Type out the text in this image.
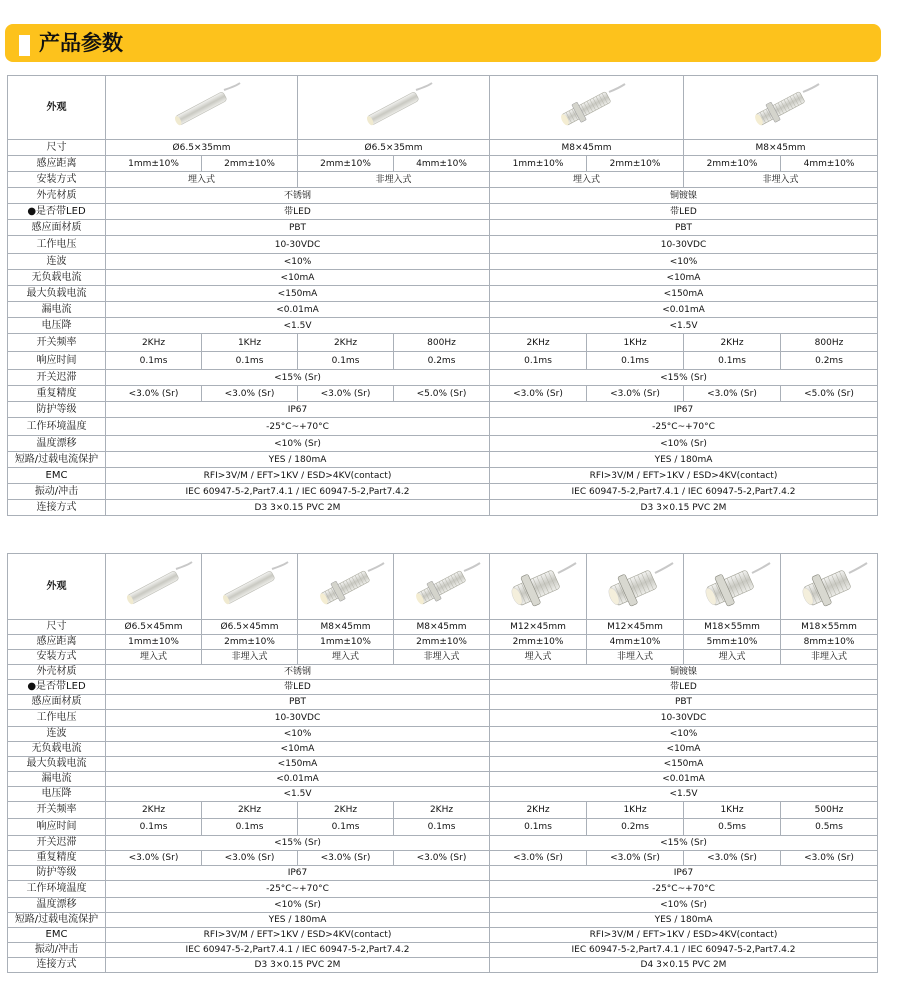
产品参数
外观	

尺寸	Ø6.5×35mm		Ø6.5×35mm		M8×45mm		M8×45mm	
感应距离	1mm±10%	2mm±10%	2mm±10%	4mm±10%	1mm±10%	2mm±10%	2mm±10%	4mm±10%
安装方式	埋入式		非埋入式		埋入式		非埋入式	
外壳材质	不锈钢				铜镀镍			
●是否带LED	带LED				带LED			
感应面材质	PBT				PBT			
工作电压	10-30VDC				10-30VDC			
连波	<10%				<10%			
无负载电流	<10mA				<10mA			
最大负载电流	<150mA				<150mA			
漏电流	<0.01mA				<0.01mA			
电压降	<1.5V				<1.5V			
开关频率	2KHz	1KHz	2KHz	800Hz	2KHz	1KHz	2KHz	800Hz
响应时间	0.1ms	0.1ms	0.1ms	0.2ms	0.1ms	0.1ms	0.1ms	0.2ms
开关迟滞	<15% (Sr)				<15% (Sr)			
重复精度	<3.0% (Sr)	<3.0% (Sr)	<3.0% (Sr)	<5.0% (Sr)	<3.0% (Sr)	<3.0% (Sr)	<3.0% (Sr)	<5.0% (Sr)
防护等级	IP67				IP67			
工作环境温度	-25°C~+70°C				-25°C~+70°C			
温度漂移	<10% (Sr)				<10% (Sr)			
短路/过载电流保护	YES / 180mA				YES / 180mA			
EMC	RFI>3V/M / EFT>1KV / ESD>4KV(contact)				RFI>3V/M / EFT>1KV / ESD>4KV(contact)			
振动/冲击	IEC 60947-5-2,Part7.4.1 / IEC 60947-5-2,Part7.4.2				IEC 60947-5-2,Part7.4.1 / IEC 60947-5-2,Part7.4.2			
连接方式	D3 3×0.15 PVC 2M				D3 3×0.15 PVC 2M			
外观	

尺寸	Ø6.5×45mm	Ø6.5×45mm	M8×45mm	M8×45mm	M12×45mm	M12×45mm	M18×55mm	M18×55mm
感应距离	1mm±10%	2mm±10%	1mm±10%	2mm±10%	2mm±10%	4mm±10%	5mm±10%	8mm±10%
安装方式	埋入式	非埋入式	埋入式	非埋入式	埋入式	非埋入式	埋入式	非埋入式
外壳材质	不锈钢				铜镀镍			
●是否带LED	带LED				带LED			
感应面材质	PBT				PBT			
工作电压	10-30VDC				10-30VDC			
连波	<10%				<10%			
无负载电流	<10mA				<10mA			
最大负载电流	<150mA				<150mA			
漏电流	<0.01mA				<0.01mA			
电压降	<1.5V				<1.5V			
开关频率	2KHz	2KHz	2KHz	2KHz	2KHz	1KHz	1KHz	500Hz
响应时间	0.1ms	0.1ms	0.1ms	0.1ms	0.1ms	0.2ms	0.5ms	0.5ms
开关迟滞	<15% (Sr)				<15% (Sr)			
重复精度	<3.0% (Sr)	<3.0% (Sr)	<3.0% (Sr)	<3.0% (Sr)	<3.0% (Sr)	<3.0% (Sr)	<3.0% (Sr)	<3.0% (Sr)
防护等级	IP67				IP67			
工作环境温度	-25°C~+70°C				-25°C~+70°C			
温度漂移	<10% (Sr)				<10% (Sr)			
短路/过载电流保护	YES / 180mA				YES / 180mA			
EMC	RFI>3V/M / EFT>1KV / ESD>4KV(contact)				RFI>3V/M / EFT>1KV / ESD>4KV(contact)			
振动/冲击	IEC 60947-5-2,Part7.4.1 / IEC 60947-5-2,Part7.4.2				IEC 60947-5-2,Part7.4.1 / IEC 60947-5-2,Part7.4.2			
连接方式	D3 3×0.15 PVC 2M				D4 3×0.15 PVC 2M			
